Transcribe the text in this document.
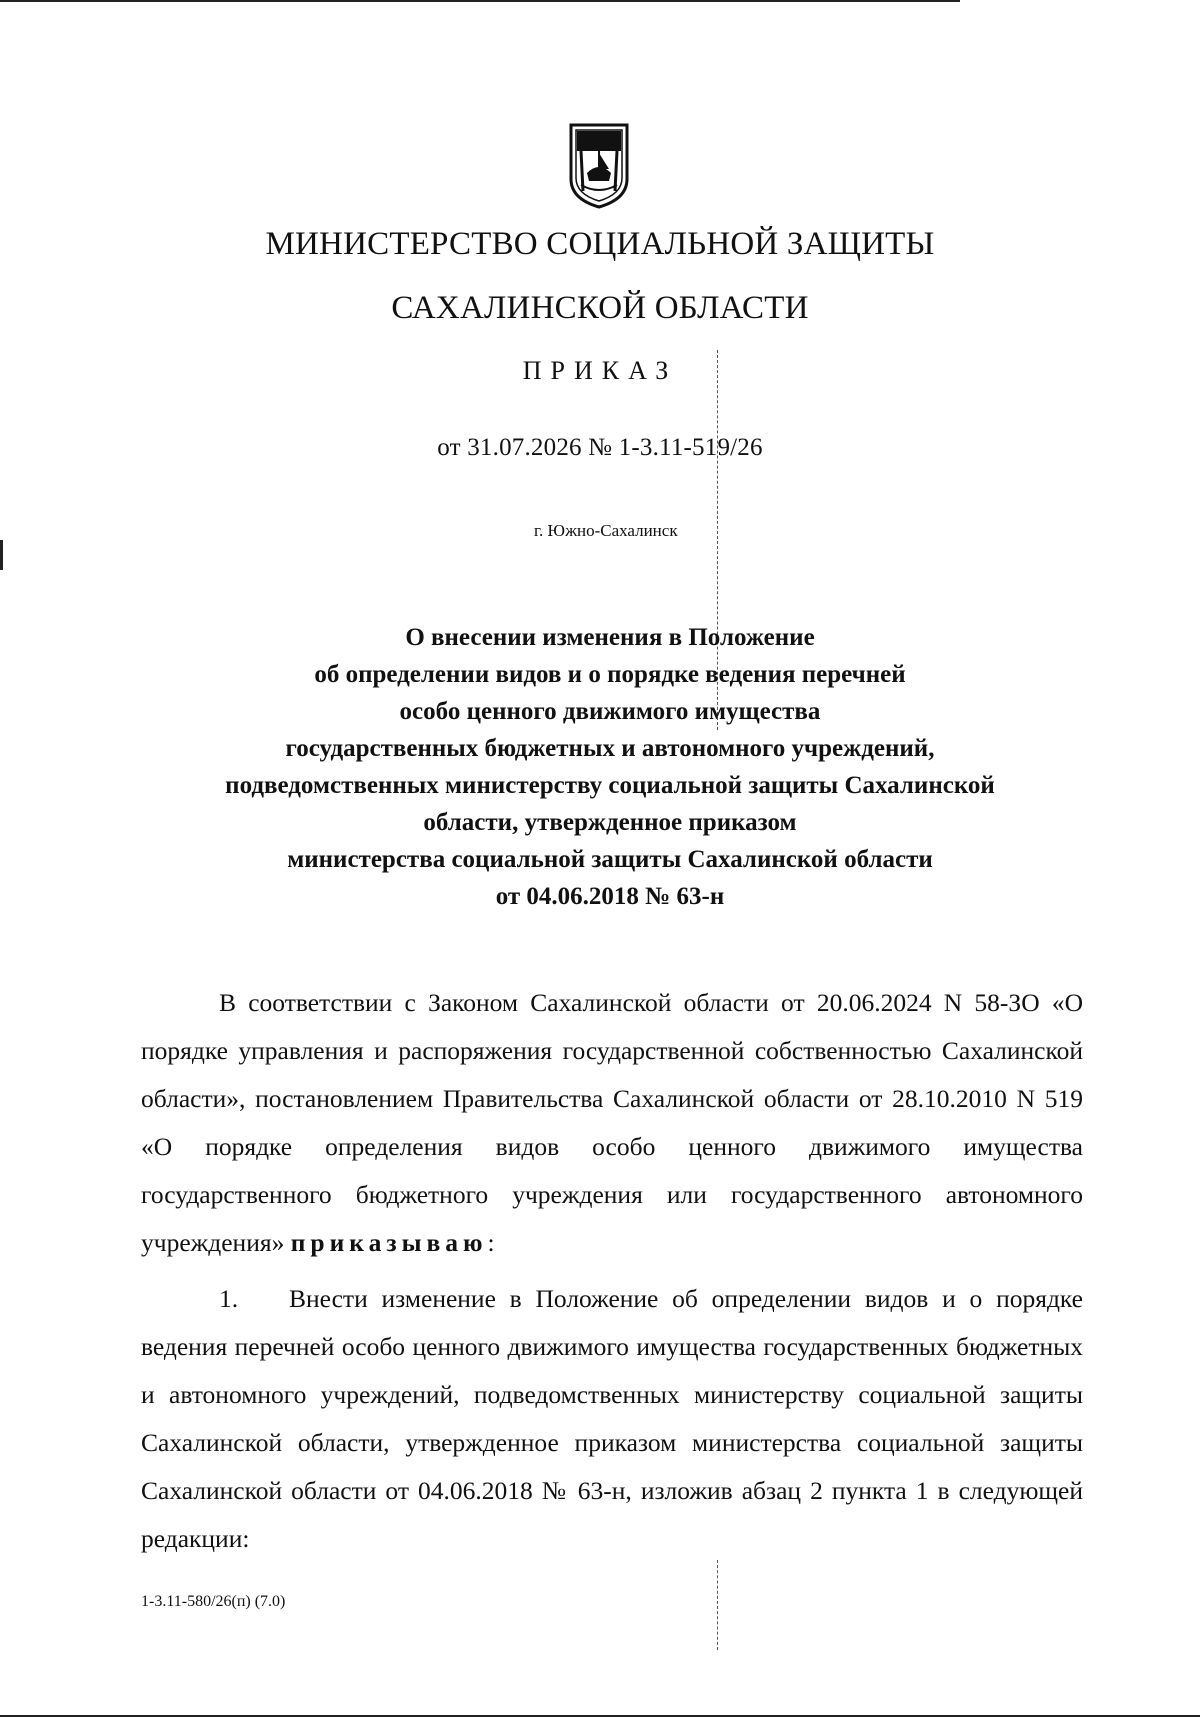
МИНИСТЕРСТВО СОЦИАЛЬНОЙ ЗАЩИТЫ
САХАЛИНСКОЙ ОБЛАСТИ
ПРИКАЗ
от 31.07.2026 № 1-3.11-519/26
г. Южно-Сахалинск
О внесении изменения в Положение
об определении видов и о порядке ведения перечней
особо ценного движимого имущества
государственных бюджетных и автономного учреждений,
подведомственных министерству социальной защиты Сахалинской
области, утвержденное приказом
министерства социальной защиты Сахалинской области
от 04.06.2018 № 63-н
В соответствии с Законом Сахалинской области от 20.06.2024 N 58-ЗО «О порядке управления и распоряжения государственной собственностью Сахалинской области», постановлением Правительства Сахалинской области от 28.10.2010 N 519 «О порядке определения видов особо ценного движимого имущества государственного бюджетного учреждения или государственного автономного учреждения» приказываю:
1. Внести изменение в Положение об определении видов и о порядке ведения перечней особо ценного движимого имущества государственных бюджетных и автономного учреждений, подведомственных министерству социальной защиты Сахалинской области, утвержденное приказом министерства социальной защиты Сахалинской области от 04.06.2018 № 63-н, изложив абзац 2 пункта 1 в следующей редакции:
1-3.11-580/26(п) (7.0)
